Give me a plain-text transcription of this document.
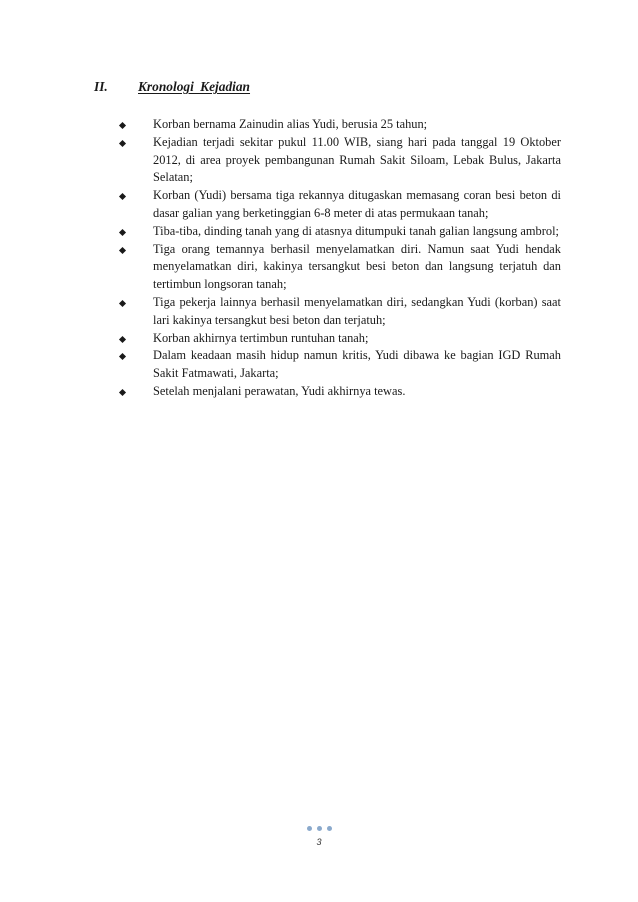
II. Kronologi Kejadian
Korban bernama Zainudin alias Yudi, berusia 25 tahun;
Kejadian terjadi sekitar pukul 11.00 WIB, siang hari pada tanggal 19 Oktober 2012, di area proyek pembangunan Rumah Sakit Siloam, Lebak Bulus, Jakarta Selatan;
Korban (Yudi) bersama tiga rekannya ditugaskan memasang coran besi beton di dasar galian yang berketinggian 6-8 meter di atas permukaan tanah;
Tiba-tiba, dinding tanah yang di atasnya ditumpuki tanah galian langsung ambrol;
Tiga orang temannya berhasil menyelamatkan diri. Namun saat Yudi hendak menyelamatkan diri, kakinya tersangkut besi beton dan langsung terjatuh dan tertimbun longsoran tanah;
Tiga pekerja lainnya berhasil menyelamatkan diri, sedangkan Yudi (korban) saat lari kakinya tersangkut besi beton dan terjatuh;
Korban akhirnya tertimbun runtuhan tanah;
Dalam keadaan masih hidup namun kritis, Yudi dibawa ke bagian IGD Rumah Sakit Fatmawati, Jakarta;
Setelah menjalani perawatan, Yudi akhirnya tewas.
3
